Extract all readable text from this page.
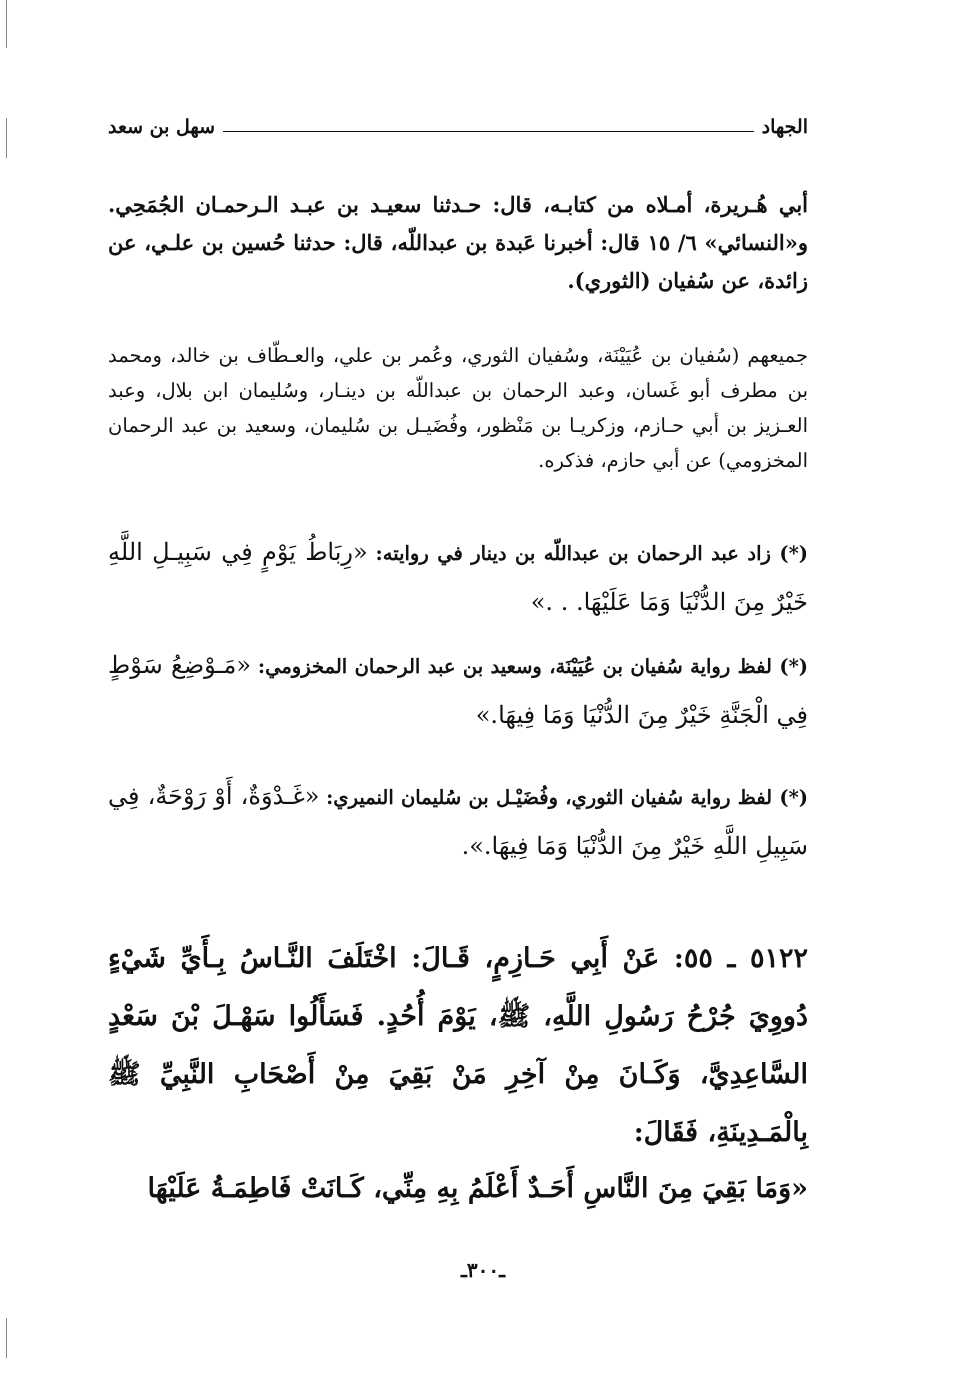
الجهاد
سهل بن سعد
أبي هُـريرة، أمـلاه من كتابـه، قال: حـدثنا سعيـد بن عبـد الـرحمـان الجُمَحِي. و«النسائي» ٦/ ١٥ قال: أخبرنا عَبدة بن عبداللّه، قال: حدثنا حُسين بن علـي، عن زائدة، عن سُفيان (الثوري).
جميعهم (سُفيان بن عُيَيْنَة، وسُفيان الثوري، وعُمر بن علي، والعـطّاف بن خالد، ومحمد بن مطرف أبو غَسان، وعبد الرحمان بن عبداللّه بن دينـار، وسُليمان ابن بلال، وعبد العـزيز بن أبي حـازم، وزكريـا بن مَنْظور، وفُضَيـل بن سُليمان، وسعيد بن عبد الرحمان المخزومي) عن أبي حازم، فذكره.
(*) زاد عبد الرحمان بن عبداللّه بن دينار في روايته: «رِبَاطُ يَوْمٍ فِي سَبِيـلِ اللَّهِ خَيْرٌ مِنَ الدُّنْيَا وَمَا عَلَيْهَا. . .»
(*) لفظ رواية سُفيان بن عُيَيْنَة، وسعيد بن عبد الرحمان المخزومي: «مَـوْضِعُ سَوْطٍ فِي الْجَنَّةِ خَيْرٌ مِنَ الدُّنْيَا وَمَا فِيهَا.»
(*) لفظ رواية سُفيان الثوري، وفُضَيْـل بن سُليمان النميري: «غَـدْوَةٌ، أَوْ رَوْحَةٌ، فِي سَبِيلِ اللَّهِ خَيْرٌ مِنَ الدُّنْيَا وَمَا فِيهَا.».
٥١٢٢ ـ ٥٥: عَنْ أَبِي حَـازِمٍ، قَـالَ: اخْتَلَفَ النَّـاسُ بِـأَيِّ شَيْءٍ دُووِيَ جُرْحُ رَسُولِ اللَّهِ، ﷺ، يَوْمَ أُحُدٍ. فَسَأَلُوا سَهْـلَ بْنَ سَعْدٍ السَّاعِدِيَّ، وَكَـانَ مِنْ آخِرِ مَنْ بَقِيَ مِنْ أَصْحَابِ النَّبِيِّ ﷺ بِالْمَـدِينَةِ، فَقَالَ:
«وَمَا بَقِيَ مِنَ النَّاسِ أَحَـدٌ أَعْلَمُ بِهِ مِنِّي، كَـانَتْ فَاطِمَـةُ عَلَيْهَا
ـ٣٠٠ـ
